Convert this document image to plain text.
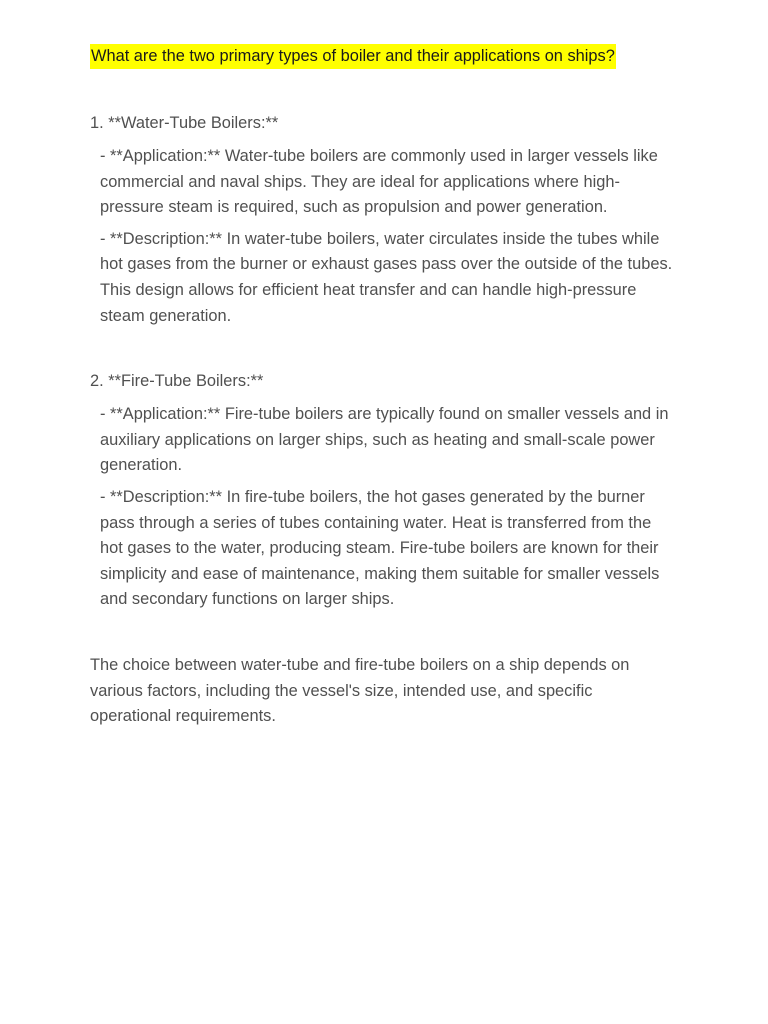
What are the two primary types of boiler and their applications on ships?

1. **Water-Tube Boilers:**

- **Application:** Water-tube boilers are commonly used in larger vessels like commercial and naval ships. They are ideal for applications where high-pressure steam is required, such as propulsion and power generation.

- **Description:** In water-tube boilers, water circulates inside the tubes while hot gases from the burner or exhaust gases pass over the outside of the tubes. This design allows for efficient heat transfer and can handle high-pressure steam generation.

2. **Fire-Tube Boilers:**

- **Application:** Fire-tube boilers are typically found on smaller vessels and in auxiliary applications on larger ships, such as heating and small-scale power generation.

- **Description:** In fire-tube boilers, the hot gases generated by the burner pass through a series of tubes containing water. Heat is transferred from the hot gases to the water, producing steam. Fire-tube boilers are known for their simplicity and ease of maintenance, making them suitable for smaller vessels and secondary functions on larger ships.

The choice between water-tube and fire-tube boilers on a ship depends on various factors, including the vessel's size, intended use, and specific operational requirements.
